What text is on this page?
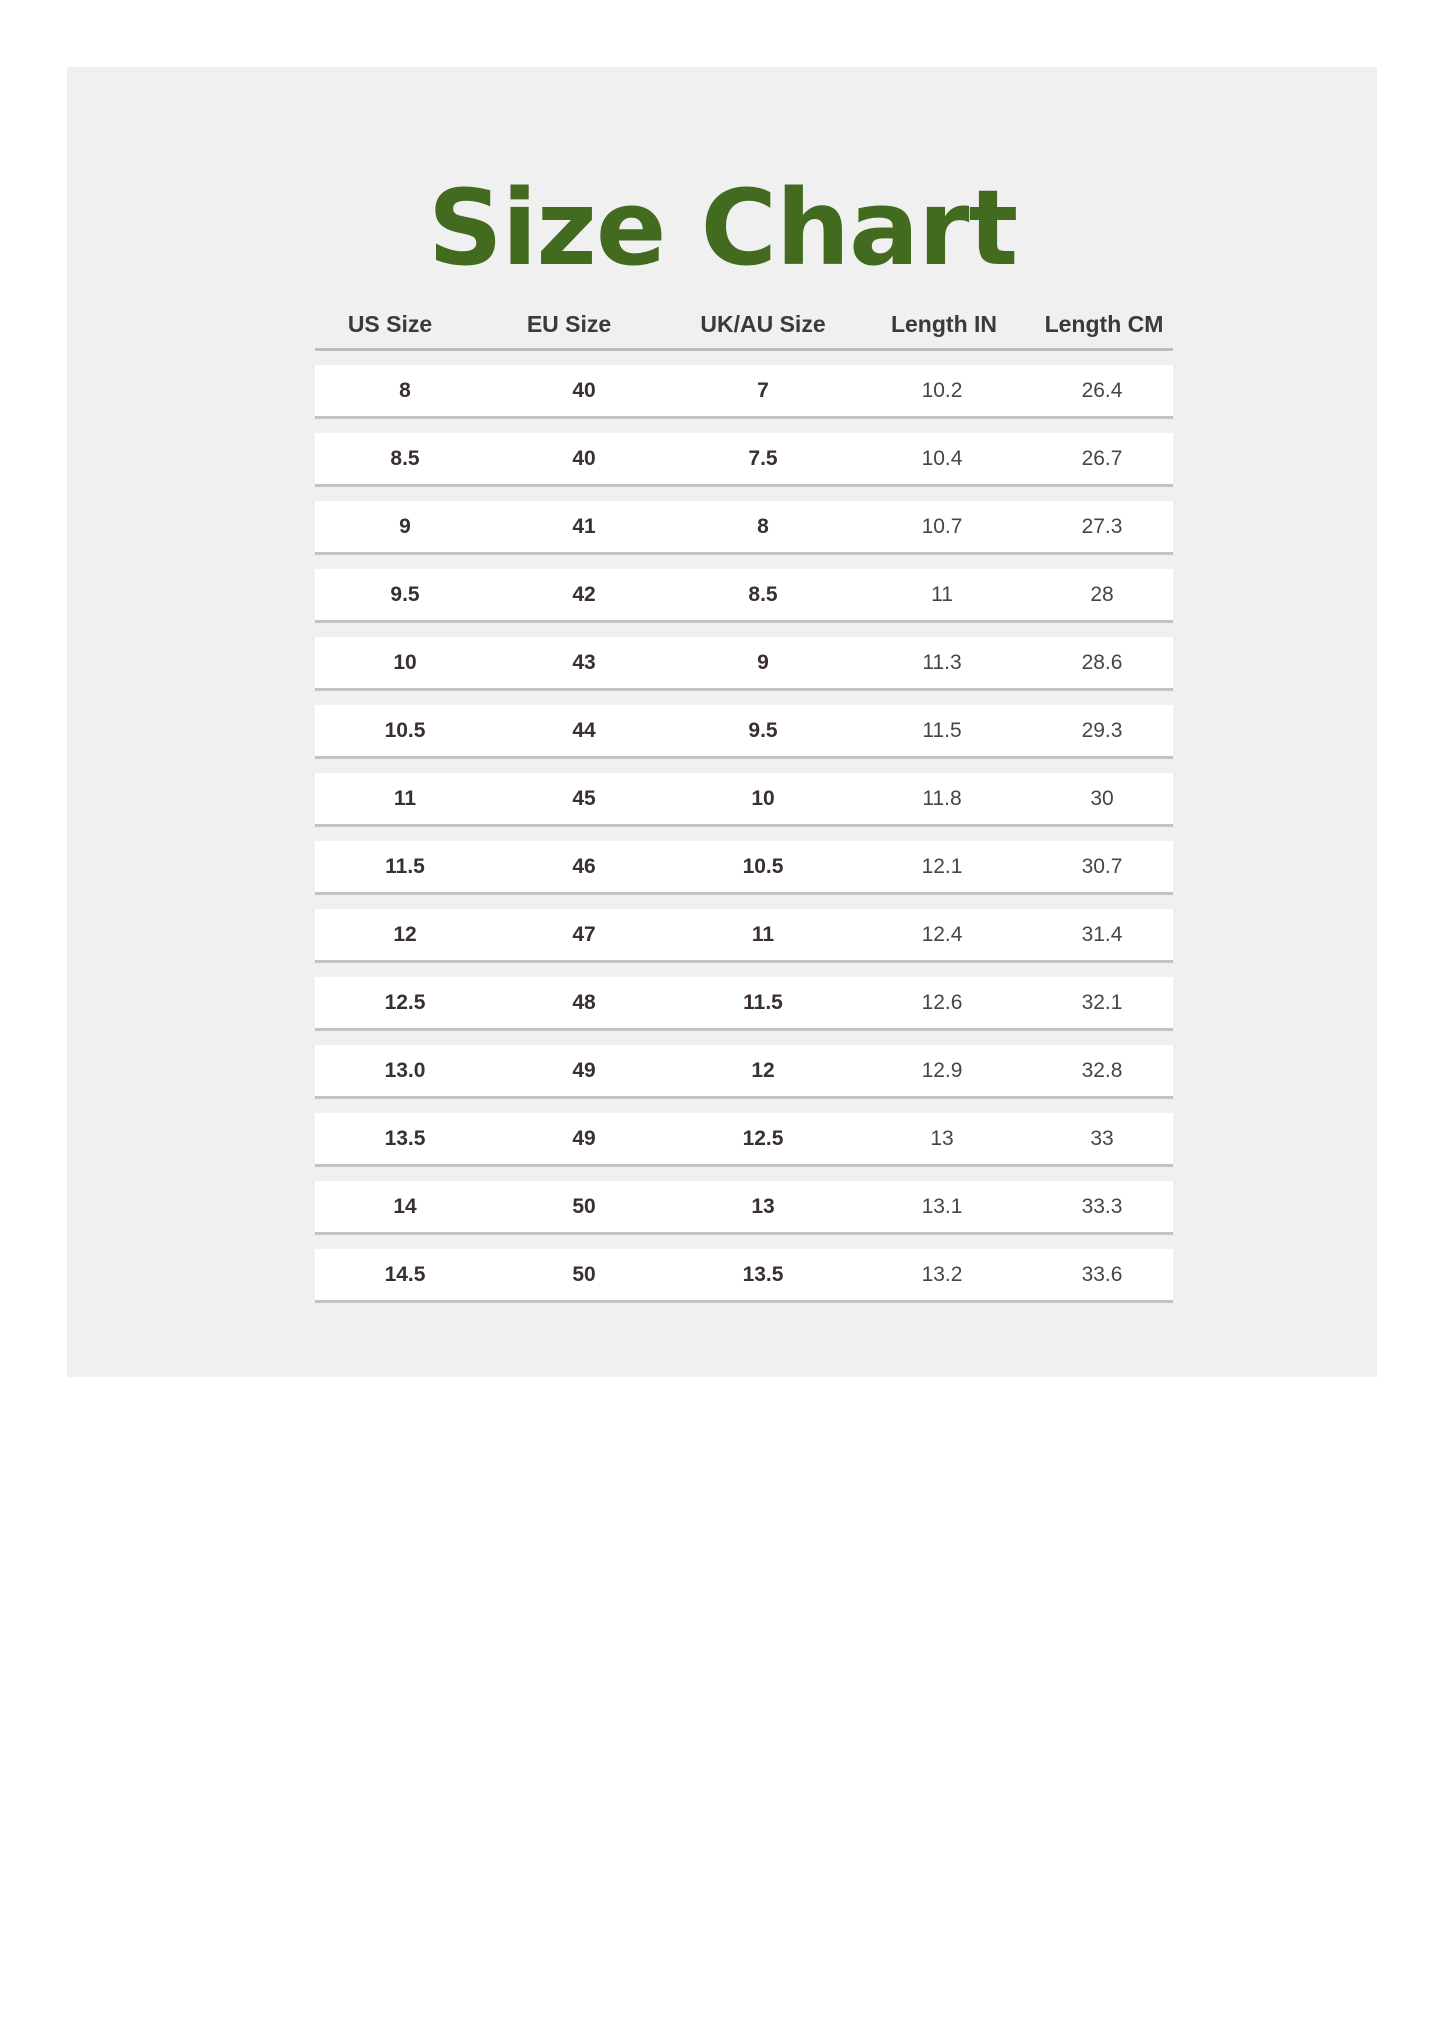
Size Chart
US Size	EU Size	UK/AU Size	Length IN	Length CM
8	40	7	10.2	26.4
8.5	40	7.5	10.4	26.7
9	41	8	10.7	27.3
9.5	42	8.5	11	28
10	43	9	11.3	28.6
10.5	44	9.5	11.5	29.3
11	45	10	11.8	30
11.5	46	10.5	12.1	30.7
12	47	11	12.4	31.4
12.5	48	11.5	12.6	32.1
13.0	49	12	12.9	32.8
13.5	49	12.5	13	33
14	50	13	13.1	33.3
14.5	50	13.5	13.2	33.6
